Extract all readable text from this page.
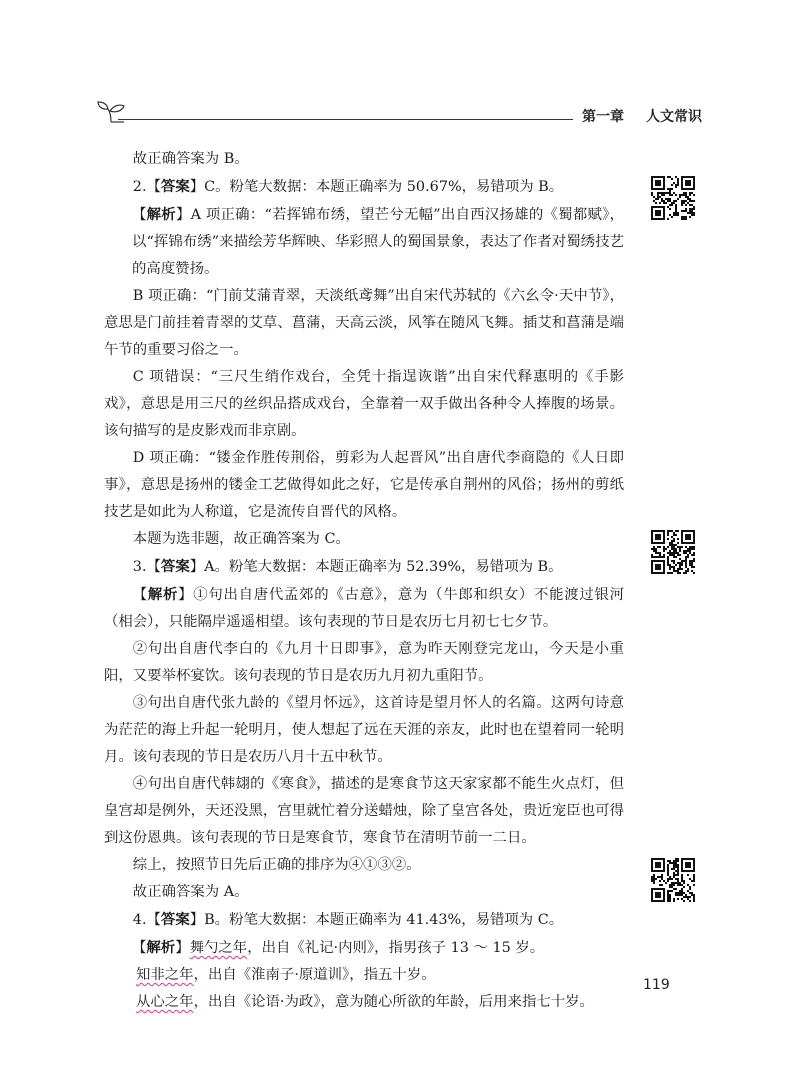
第一章 人文常识

故正确答案为 B。

2.【答案】C。粉笔大数据：本题正确率为 50.67%，易错项为 B。

【解析】A 项正确：“若挥锦布绣，望芒兮无幅”出自西汉扬雄的《蜀都赋》，以“挥锦布绣”来描绘芳华辉映、华彩照人的蜀国景象，表达了作者对蜀绣技艺的高度赞扬。

B 项正确：“门前艾蒲青翠，天淡纸鸢舞”出自宋代苏轼的《六幺令·天中节》，意思是门前挂着青翠的艾草、菖蒲，天高云淡，风筝在随风飞舞。插艾和菖蒲是端午节的重要习俗之一。

C 项错误：“三尺生绡作戏台，全凭十指逞诙谐”出自宋代释惠明的《手影戏》，意思是用三尺的丝织品搭成戏台，全靠着一双手做出各种令人捧腹的场景。该句描写的是皮影戏而非京剧。

D 项正确：“镂金作胜传荆俗，剪彩为人起晋风”出自唐代李商隐的《人日即事》，意思是扬州的镂金工艺做得如此之好，它是传承自荆州的风俗；扬州的剪纸技艺是如此为人称道，它是流传自晋代的风格。

本题为选非题，故正确答案为 C。

3.【答案】A。粉笔大数据：本题正确率为 52.39%，易错项为 B。

【解析】①句出自唐代孟郊的《古意》，意为（牛郎和织女）不能渡过银河（相会），只能隔岸遥遥相望。该句表现的节日是农历七月初七七夕节。

②句出自唐代李白的《九月十日即事》，意为昨天刚登完龙山，今天是小重阳，又要举杯宴饮。该句表现的节日是农历九月初九重阳节。

③句出自唐代张九龄的《望月怀远》，这首诗是望月怀人的名篇。这两句诗意为茫茫的海上升起一轮明月，使人想起了远在天涯的亲友，此时也在望着同一轮明月。该句表现的节日是农历八月十五中秋节。

④句出自唐代韩翃的《寒食》，描述的是寒食节这天家家都不能生火点灯，但皇宫却是例外，天还没黑，宫里就忙着分送蜡烛，除了皇宫各处，贵近宠臣也可得到这份恩典。该句表现的节日是寒食节，寒食节在清明节前一二日。

综上，按照节日先后正确的排序为④①③②。

故正确答案为 A。

4.【答案】B。粉笔大数据：本题正确率为 41.43%，易错项为 C。

【解析】舞勺之年，出自《礼记·内则》，指男孩子 13 ～ 15 岁。

知非之年，出自《淮南子·原道训》，指五十岁。

从心之年，出自《论语·为政》，意为随心所欲的年龄，后用来指七十岁。

119
